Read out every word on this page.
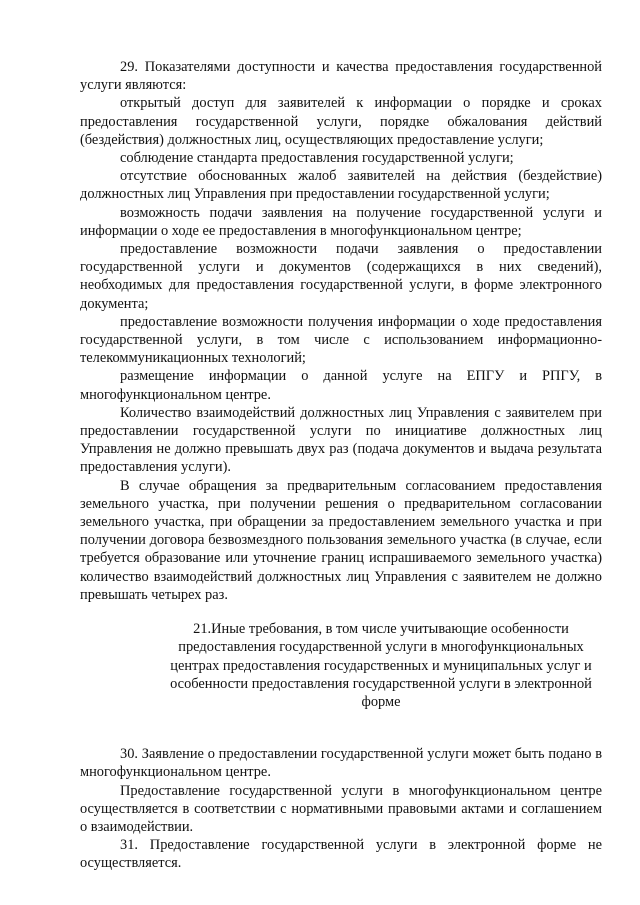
29. Показателями доступности и качества предоставления государственной услуги являются:

открытый доступ для заявителей к информации о порядке и сроках предоставления государственной услуги, порядке обжалования действий (бездействия) должностных лиц, осуществляющих предоставление услуги;

соблюдение стандарта предоставления государственной услуги;

отсутствие обоснованных жалоб заявителей на действия (бездействие) должностных лиц Управления при предоставлении государственной услуги;

возможность подачи заявления на получение государственной услуги и информации о ходе ее предоставления в многофункциональном центре;

предоставление возможности подачи заявления о предоставлении государственной услуги и документов (содержащихся в них сведений), необходимых для предоставления государственной услуги, в форме электронного документа;

предоставление возможности получения информации о ходе предоставления государственной услуги, в том числе с использованием информационно-телекоммуникационных технологий;

размещение информации о данной услуге на ЕПГУ и РПГУ, в многофункциональном центре.

Количество взаимодействий должностных лиц Управления с заявителем при предоставлении государственной услуги по инициативе должностных лиц Управления не должно превышать двух раз (подача документов и выдача результата предоставления услуги).

В случае обращения за предварительным согласованием предоставления земельного участка, при получении решения о предварительном согласовании земельного участка, при обращении за предоставлением земельного участка и при получении договора безвозмездного пользования земельного участка (в случае, если требуется образование или уточнение границ испрашиваемого земельного участка) количество взаимодействий должностных лиц Управления с заявителем не должно превышать четырех раз.

21.Иные требования, в том числе учитывающие особенности предоставления государственной услуги в многофункциональных центрах предоставления государственных и муниципальных услуг и особенности предоставления государственной услуги в электронной форме

30. Заявление о предоставлении государственной услуги может быть подано в многофункциональном центре.

Предоставление государственной услуги в многофункциональном центре осуществляется в соответствии с нормативными правовыми актами и соглашением о взаимодействии.

31. Предоставление государственной услуги в электронной форме не осуществляется.
